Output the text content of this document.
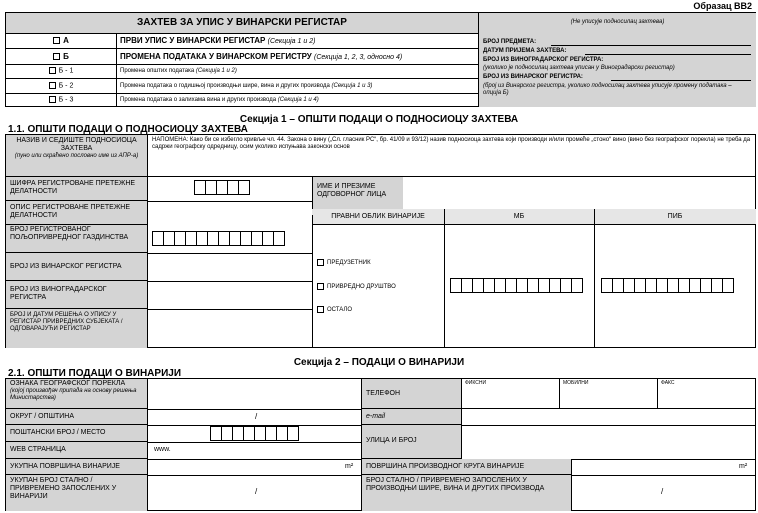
Образац ВВ2
ЗАХТЕВ ЗА УПИС У ВИНАРСКИ РЕГИСТАР
А	ПРВИ УПИС У ВИНАРСКИ РЕГИСТАР (Секција 1 и 2)
Б	ПРОМЕНА ПОДАТАКА У ВИНАРСКОМ РЕГИСТРУ (Секција 1, 2, 3, односно 4)
Б - 1	Промена општих података (Секција 1 и 2)
Б - 2	Промена података о годишњој производњи шире, вина и других производа (Секција 1 и 3)
Б - 3	Промена података о залихама вина и других производа (Секција 1 и 4)
(Не уписује подносилац захтева)
БРОЈ ПРЕДМЕТА:
ДАТУМ ПРИЈЕМА ЗАХТЕВА:
БРОЈ ИЗ ВИНОГРАДАРСКОГ РЕГИСТРА:
(уколико је подносилац захтева уписан у Виноградарски регистар)
БРОЈ ИЗ ВИНАРСКОГ РЕГИСТРА:
(број из Винарског регистра, уколико подносилац захтева уписује промену података – опција Б)
Секција 1 – ОПШТИ ПОДАЦИ О ПОДНОСИОЦУ ЗАХТЕВА
1.1. ОПШТИ ПОДАЦИ О ПОДНОСИОЦУ ЗАХТЕВА
НАЗИВ И СЕДИШТЕ ПОДНОСИОЦА ЗАХТЕВА
(пуно или скраћено пословно име из АПР-а)
НАПОМЕНА: Како би се избегло кривље чл. 44. Закона о вину („Сл. гласник РС“, бр. 41/09 и 93/12) назив подносиоца захтева који производи и/или промеће „стоно“ вино (вино без географског порекла) не треба да садржи географску одредницу, осим уколико испуњава законски основ
ШИФРА РЕГИСТРОВАНЕ ПРЕТЕЖНЕ ДЕЛАТНОСТИ
ИМЕ И ПРЕЗИМЕ ОДГОВОРНОГ ЛИЦА
ОПИС РЕГИСТРОВАНЕ ПРЕТЕЖНЕ ДЕЛАТНОСТИ	ПРАВНИ ОБЛИК ВИНАРИЈЕ	МБ	ПИБ
БРОЈ РЕГИСТРОВАНОГ ПОЉОПРИВРЕДНОГ ГАЗДИНСТВА
БРОЈ ИЗ ВИНАРСКОГ РЕГИСТРА
БРОЈ ИЗ ВИНОГРАДАРСКОГ РЕГИСТРА
БРОЈ И ДАТУМ РЕШЕЊА О УПИСУ У РЕГИСТАР ПРИВРЕДНИХ СУБЈЕКАТА / ОДГОВАРАЈУЋИ РЕГИСТАР
ПРЕДУЗЕТНИК
ПРИВРЕДНО ДРУШТВО
ОСТАЛО
Секција 2 – ПОДАЦИ О ВИНАРИЈИ
2.1. ОПШТИ ПОДАЦИ О ВИНАРИЈИ
ОЗНАКА ГЕОГРАФСКОГ ПОРЕКЛА
(којој произвођач припада на основу решења Министарства)
ОКРУГ / ОПШТИНА	/
ПОШТАНСКИ БРОЈ / МЕСТО
WEB СТРАНИЦА	www.
УКУПНА ПОВРШИНА ВИНАРИЈЕ	m²
УКУПАН БРОЈ СТАЛНО / ПРИВРЕМЕНО ЗАПОСЛЕНИХ У ВИНАРИЈИ
/
ТЕЛЕФОН
ФИКСНИ	МОБИЛНИ	ФАКС
e-mail
УЛИЦА И БРОЈ
ПОВРШИНА ПРОИЗВОДНОГ КРУГА ВИНАРИЈЕ	m²
БРОЈ СТАЛНО / ПРИВРЕМЕНО ЗАПОСЛЕНИХ У ПРОИЗВОДЊИ ШИРЕ, ВИНА И ДРУГИХ ПРОИЗВОДА	/
